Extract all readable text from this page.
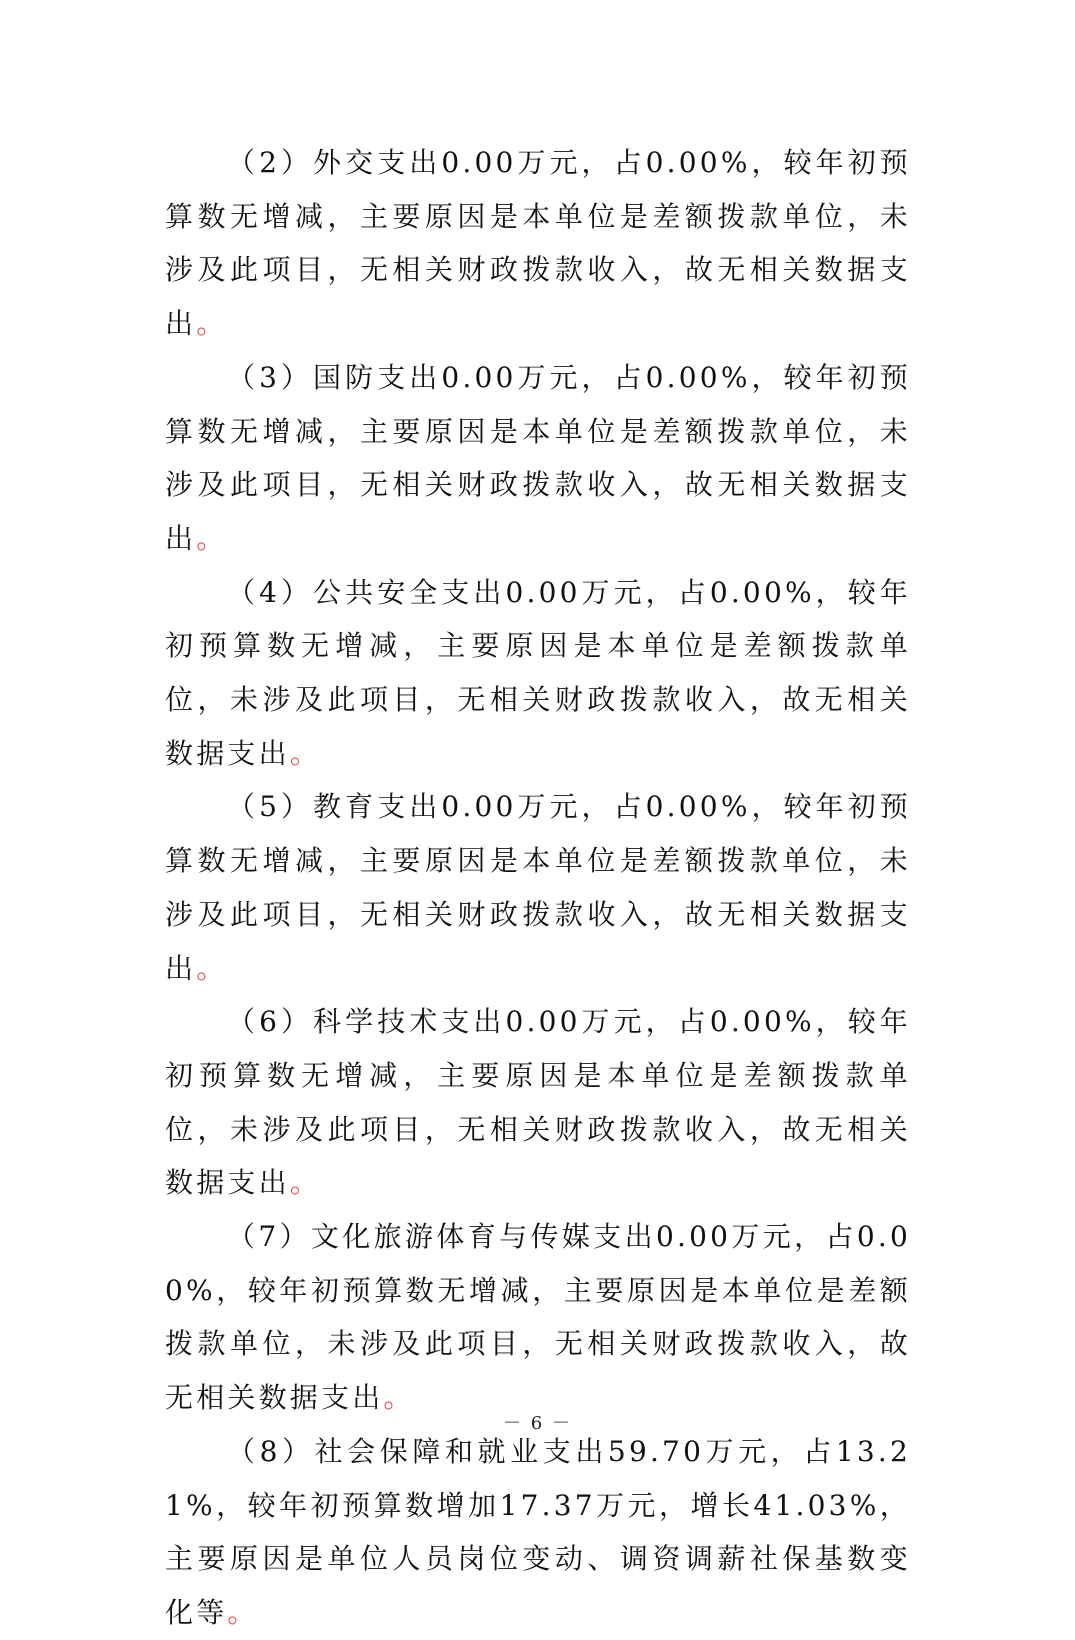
（2）外交支出0.00万元，占0.00%，较年初预算数无增减，主要原因是本单位是差额拨款单位，未涉及此项目，无相关财政拨款收入，故无相关数据支出。

（3）国防支出0.00万元，占0.00%，较年初预算数无增减，主要原因是本单位是差额拨款单位，未涉及此项目，无相关财政拨款收入，故无相关数据支出。

（4）公共安全支出0.00万元，占0.00%，较年初预算数无增减，主要原因是本单位是差额拨款单位，未涉及此项目，无相关财政拨款收入，故无相关数据支出。

（5）教育支出0.00万元，占0.00%，较年初预算数无增减，主要原因是本单位是差额拨款单位，未涉及此项目，无相关财政拨款收入，故无相关数据支出。

（6）科学技术支出0.00万元，占0.00%，较年初预算数无增减，主要原因是本单位是差额拨款单位，未涉及此项目，无相关财政拨款收入，故无相关数据支出。

（7）文化旅游体育与传媒支出0.00万元，占0.00%，较年初预算数无增减，主要原因是本单位是差额拨款单位，未涉及此项目，无相关财政拨款收入，故无相关数据支出。

（8）社会保障和就业支出59.70万元，占13.21%，较年初预算数增加17.37万元，增长41.03%，主要原因是单位人员岗位变动、调资调薪社保基数变化等。

－ 6 －
